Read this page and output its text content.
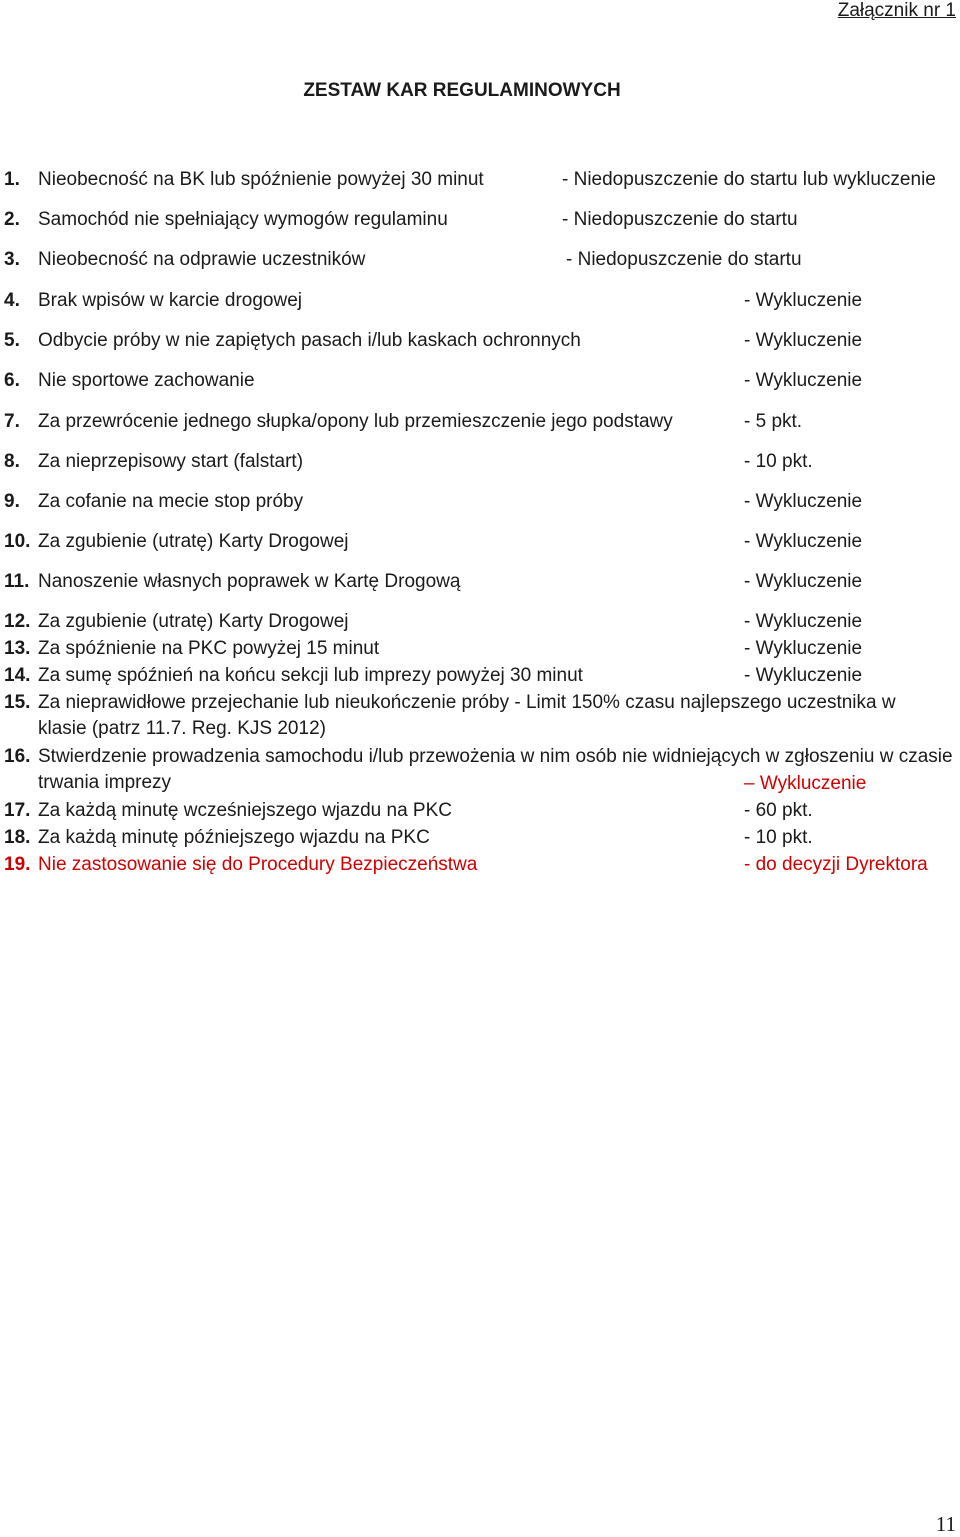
Załącznik nr 1
ZESTAW KAR REGULAMINOWYCH
1. Nieobecność na BK lub spóźnienie powyżej 30 minut	- Niedopuszczenie do startu lub wykluczenie
2. Samochód nie spełniający wymogów regulaminu	- Niedopuszczenie do startu
3. Nieobecność na odprawie uczestników	- Niedopuszczenie do startu
4. Brak wpisów w karcie drogowej	- Wykluczenie
5. Odbycie próby w nie zapiętych pasach i/lub kaskach ochronnych	- Wykluczenie
6. Nie sportowe zachowanie	- Wykluczenie
7. Za przewrócenie jednego słupka/opony lub przemieszczenie jego podstawy	- 5 pkt.
8. Za nieprzepisowy start (falstart)	- 10 pkt.
9. Za cofanie na mecie stop próby	- Wykluczenie
10. Za zgubienie (utratę) Karty Drogowej	- Wykluczenie
11. Nanoszenie własnych poprawek w Kartę Drogową	- Wykluczenie
12. Za zgubienie (utratę) Karty Drogowej	- Wykluczenie
13. Za spóźnienie na PKC powyżej 15 minut	- Wykluczenie
14. Za sumę spóźnień na końcu sekcji lub imprezy powyżej 30 minut	- Wykluczenie
15. Za nieprawidłowe przejechanie lub nieukończenie próby - Limit 150% czasu najlepszego uczestnika w klasie (patrz 11.7. Reg. KJS 2012)
16. Stwierdzenie prowadzenia samochodu i/lub przewożenia w nim osób nie widniejących w zgłoszeniu w czasie trwania imprezy	– Wykluczenie
17. Za każdą minutę wcześniejszego wjazdu na PKC	- 60 pkt.
18. Za każdą minutę późniejszego wjazdu na PKC	- 10 pkt.
19. Nie zastosowanie się do Procedury Bezpieczeństwa	- do decyzji Dyrektora
11
